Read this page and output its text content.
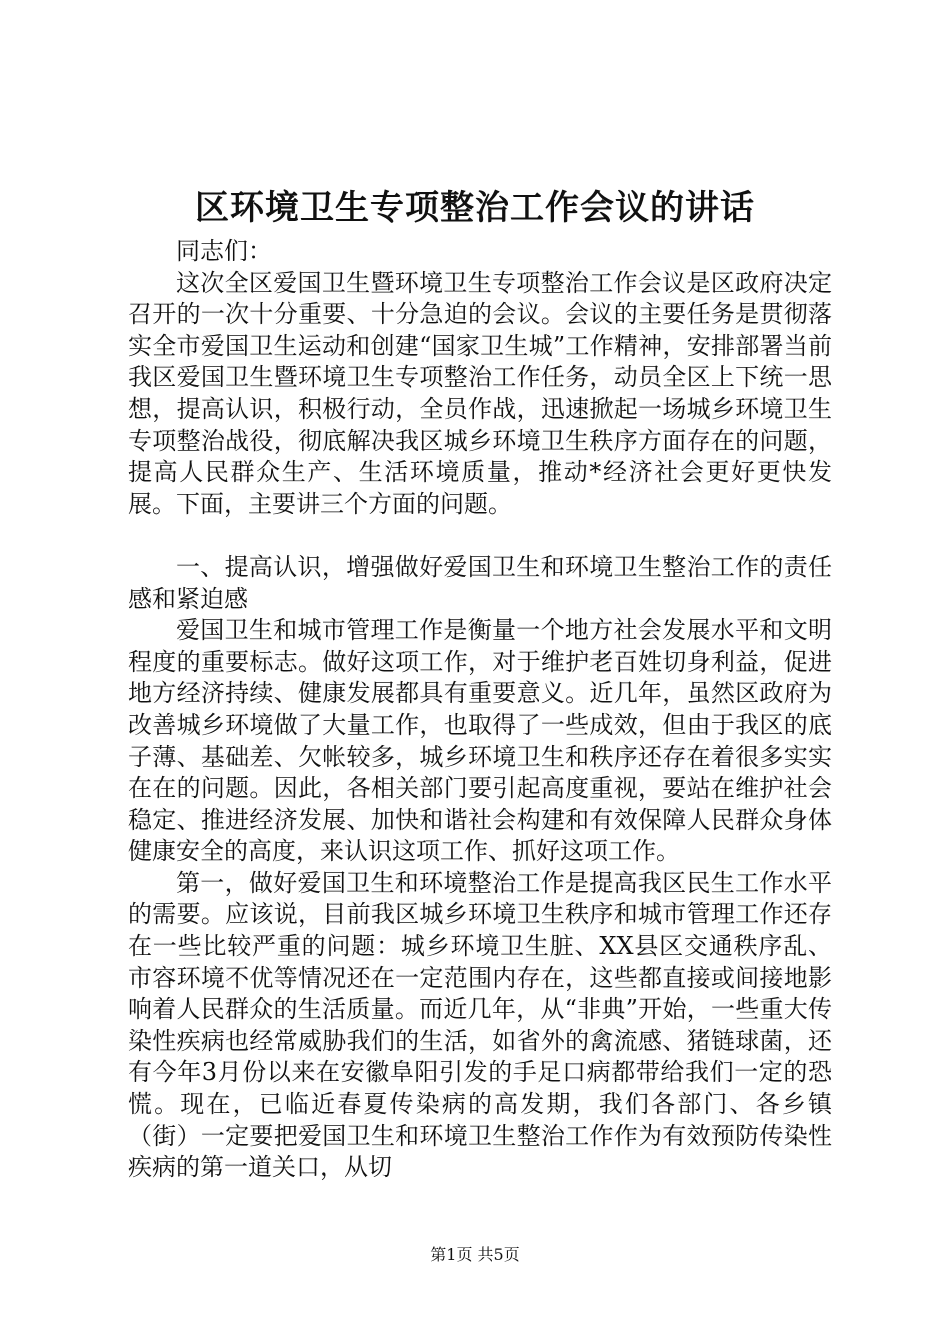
区环境卫生专项整治工作会议的讲话

同志们：

这次全区爱国卫生暨环境卫生专项整治工作会议是区政府决定召开的一次十分重要、十分急迫的会议。会议的主要任务是贯彻落实全市爱国卫生运动和创建“国家卫生城”工作精神，安排部署当前我区爱国卫生暨环境卫生专项整治工作任务，动员全区上下统一思想，提高认识，积极行动，全员作战，迅速掀起一场城乡环境卫生专项整治战役，彻底解决我区城乡环境卫生秩序方面存在的问题，提高人民群众生产、生活环境质量，推动*经济社会更好更快发展。下面，主要讲三个方面的问题。

一、提高认识，增强做好爱国卫生和环境卫生整治工作的责任感和紧迫感

爱国卫生和城市管理工作是衡量一个地方社会发展水平和文明程度的重要标志。做好这项工作，对于维护老百姓切身利益，促进地方经济持续、健康发展都具有重要意义。近几年，虽然区政府为改善城乡环境做了大量工作，也取得了一些成效，但由于我区的底子薄、基础差、欠帐较多，城乡环境卫生和秩序还存在着很多实实在在的问题。因此，各相关部门要引起高度重视，要站在维护社会稳定、推进经济发展、加快和谐社会构建和有效保障人民群众身体健康安全的高度，来认识这项工作、抓好这项工作。

第一，做好爱国卫生和环境整治工作是提高我区民生工作水平的需要。应该说，目前我区城乡环境卫生秩序和城市管理工作还存在一些比较严重的问题：城乡环境卫生脏、XX县区交通秩序乱、市容环境不优等情况还在一定范围内存在，这些都直接或间接地影响着人民群众的生活质量。而近几年，从“非典”开始，一些重大传染性疾病也经常威胁我们的生活，如省外的禽流感、猪链球菌，还有今年3月份以来在安徽阜阳引发的手足口病都带给我们一定的恐慌。现在，已临近春夏传染病的高发期，我们各部门、各乡镇（街）一定要把爱国卫生和环境卫生整治工作作为有效预防传染性疾病的第一道关口，从切

第1页 共5页
